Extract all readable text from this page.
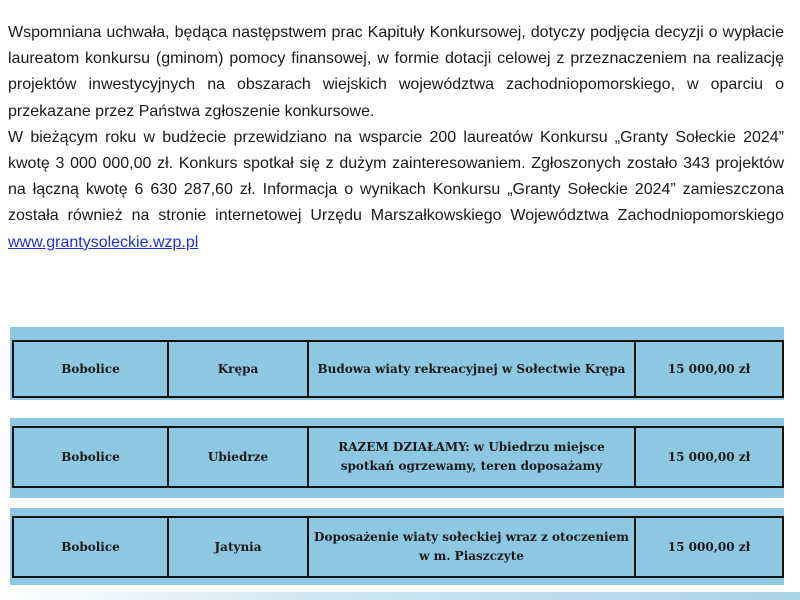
Wspomniana uchwała, będąca następstwem prac Kapituły Konkursowej, dotyczy podjęcia decyzji o wypłacie laureatom konkursu (gminom) pomocy finansowej, w formie dotacji celowej z przeznaczeniem na realizację projektów inwestycyjnych na obszarach wiejskich województwa zachodniopomorskiego, w oparciu o przekazane przez Państwa zgłoszenie konkursowe.

W bieżącym roku w budżecie przewidziano na wsparcie 200 laureatów Konkursu „Granty Sołeckie 2024” kwotę 3 000 000,00 zł. Konkurs spotkał się z dużym zainteresowaniem. Zgłoszonych zostało 343 projektów na łączną kwotę 6 630 287,60 zł. Informacja o wynikach Konkursu „Granty Sołeckie 2024” zamieszczona została również na stronie internetowej Urzędu Marszałkowskiego Województwa Zachodniopomorskiego www.grantysoleckie.wzp.pl

Bobolice	Krępa	Budowa wiaty rekreacyjnej w Sołectwie Krępa	15 000,00 zł
Bobolice	Ubiedrze	RAZEM DZIAŁAMY: w Ubiedrzu miejsce spotkań ogrzewamy, teren doposażamy	15 000,00 zł
Bobolice	Jatynia	Doposażenie wiaty sołeckiej wraz z otoczeniem w m. Piaszczyte	15 000,00 zł
